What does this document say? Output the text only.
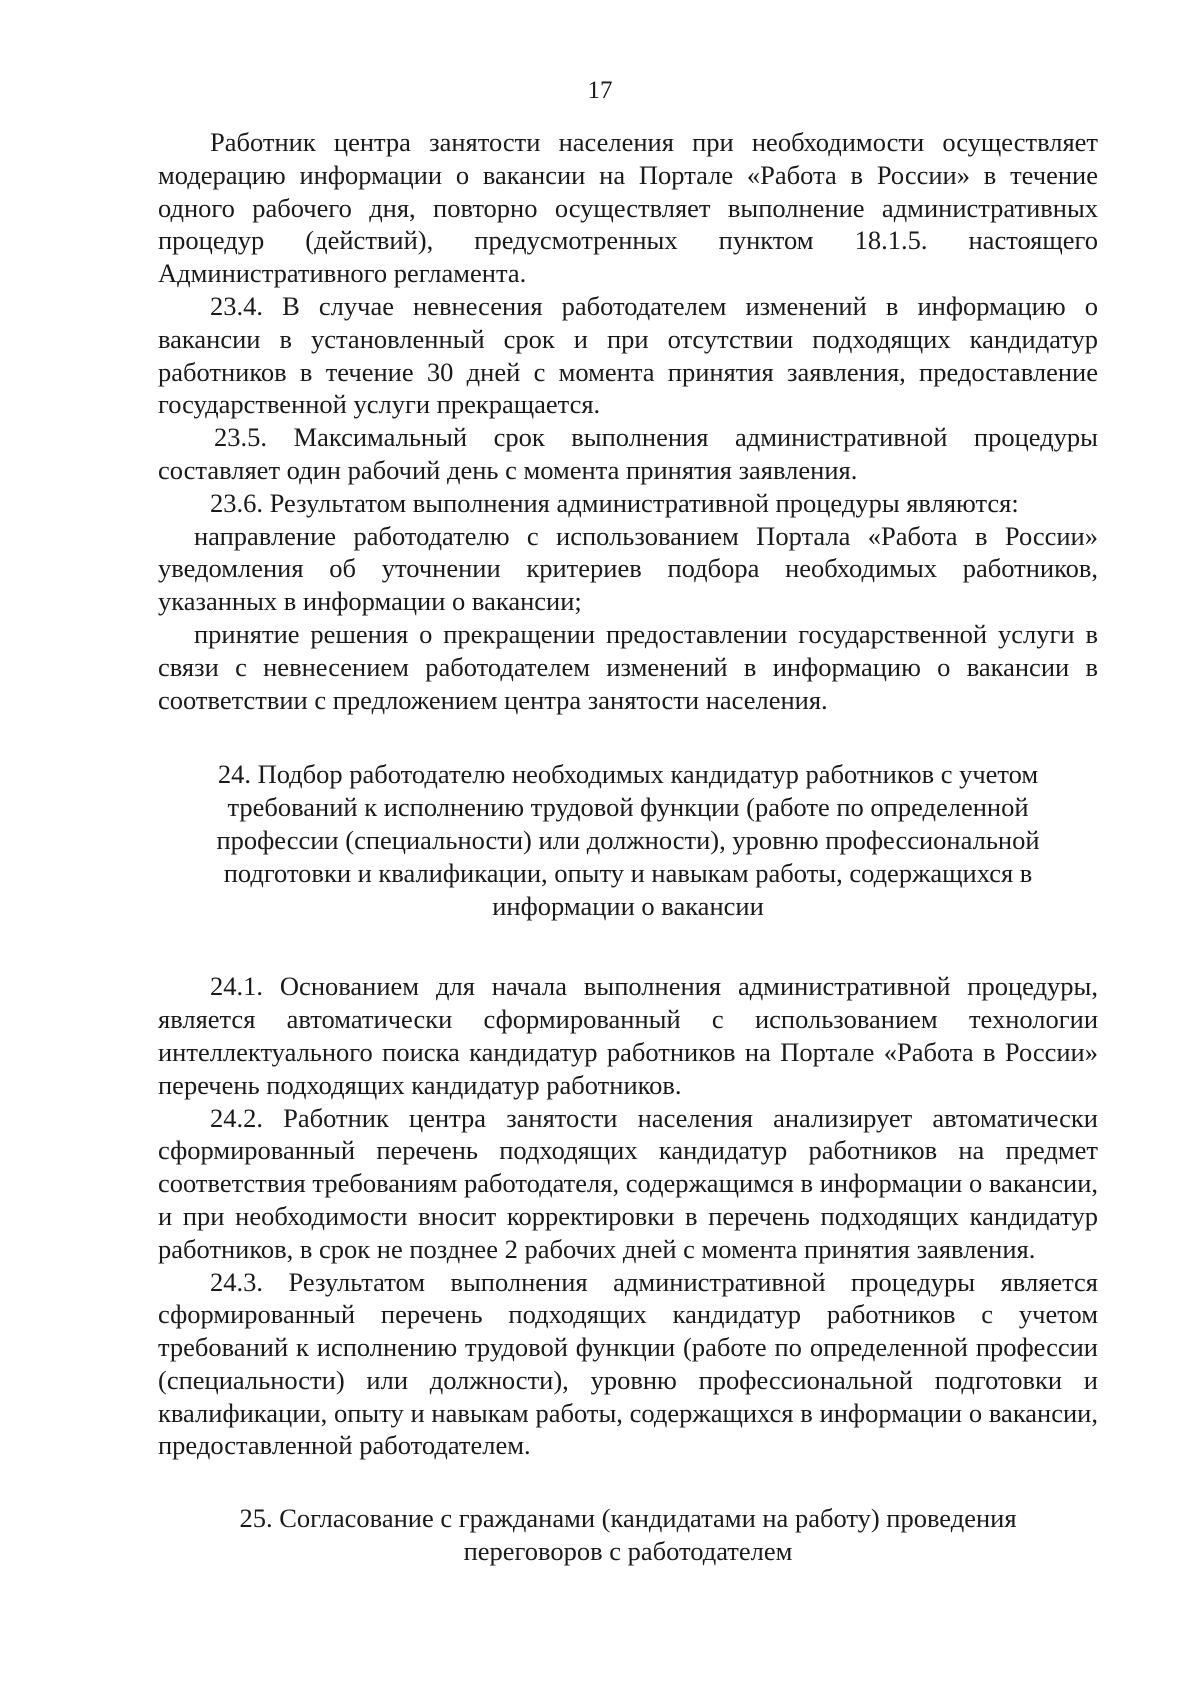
17

Работник центра занятости населения при необходимости осуществляет модерацию информации о вакансии на Портале «Работа в России» в течение одного рабочего дня, повторно осуществляет выполнение административных процедур (действий), предусмотренных пунктом 18.1.5. настоящего Административного регламента.

23.4. В случае невнесения работодателем изменений в информацию о вакансии в установленный срок и при отсутствии подходящих кандидатур работников в течение 30 дней с момента принятия заявления, предоставление государственной услуги прекращается.

23.5. Максимальный срок выполнения административной процедуры составляет один рабочий день с момента принятия заявления.

23.6. Результатом выполнения административной процедуры являются:

направление работодателю с использованием Портала «Работа в России» уведомления об уточнении критериев подбора необходимых работников, указанных в информации о вакансии;

принятие решения о прекращении предоставлении государственной услуги в связи с невнесением работодателем изменений в информацию о вакансии в соответствии с предложением центра занятости населения.

24. Подбор работодателю необходимых кандидатур работников с учетом требований к исполнению трудовой функции (работе по определенной профессии (специальности) или должности), уровню профессиональной подготовки и квалификации, опыту и навыкам работы, содержащихся в информации о вакансии

24.1. Основанием для начала выполнения административной процедуры, является автоматически сформированный с использованием технологии интеллектуального поиска кандидатур работников на Портале «Работа в России» перечень подходящих кандидатур работников.

24.2. Работник центра занятости населения анализирует автоматически сформированный перечень подходящих кандидатур работников на предмет соответствия требованиям работодателя, содержащимся в информации о вакансии, и при необходимости вносит корректировки в перечень подходящих кандидатур работников, в срок не позднее 2 рабочих дней с момента принятия заявления.

24.3. Результатом выполнения административной процедуры является сформированный перечень подходящих кандидатур работников с учетом требований к исполнению трудовой функции (работе по определенной профессии (специальности) или должности), уровню профессиональной подготовки и квалификации, опыту и навыкам работы, содержащихся в информации о вакансии, предоставленной работодателем.

25. Согласование с гражданами (кандидатами на работу) проведения переговоров с работодателем
